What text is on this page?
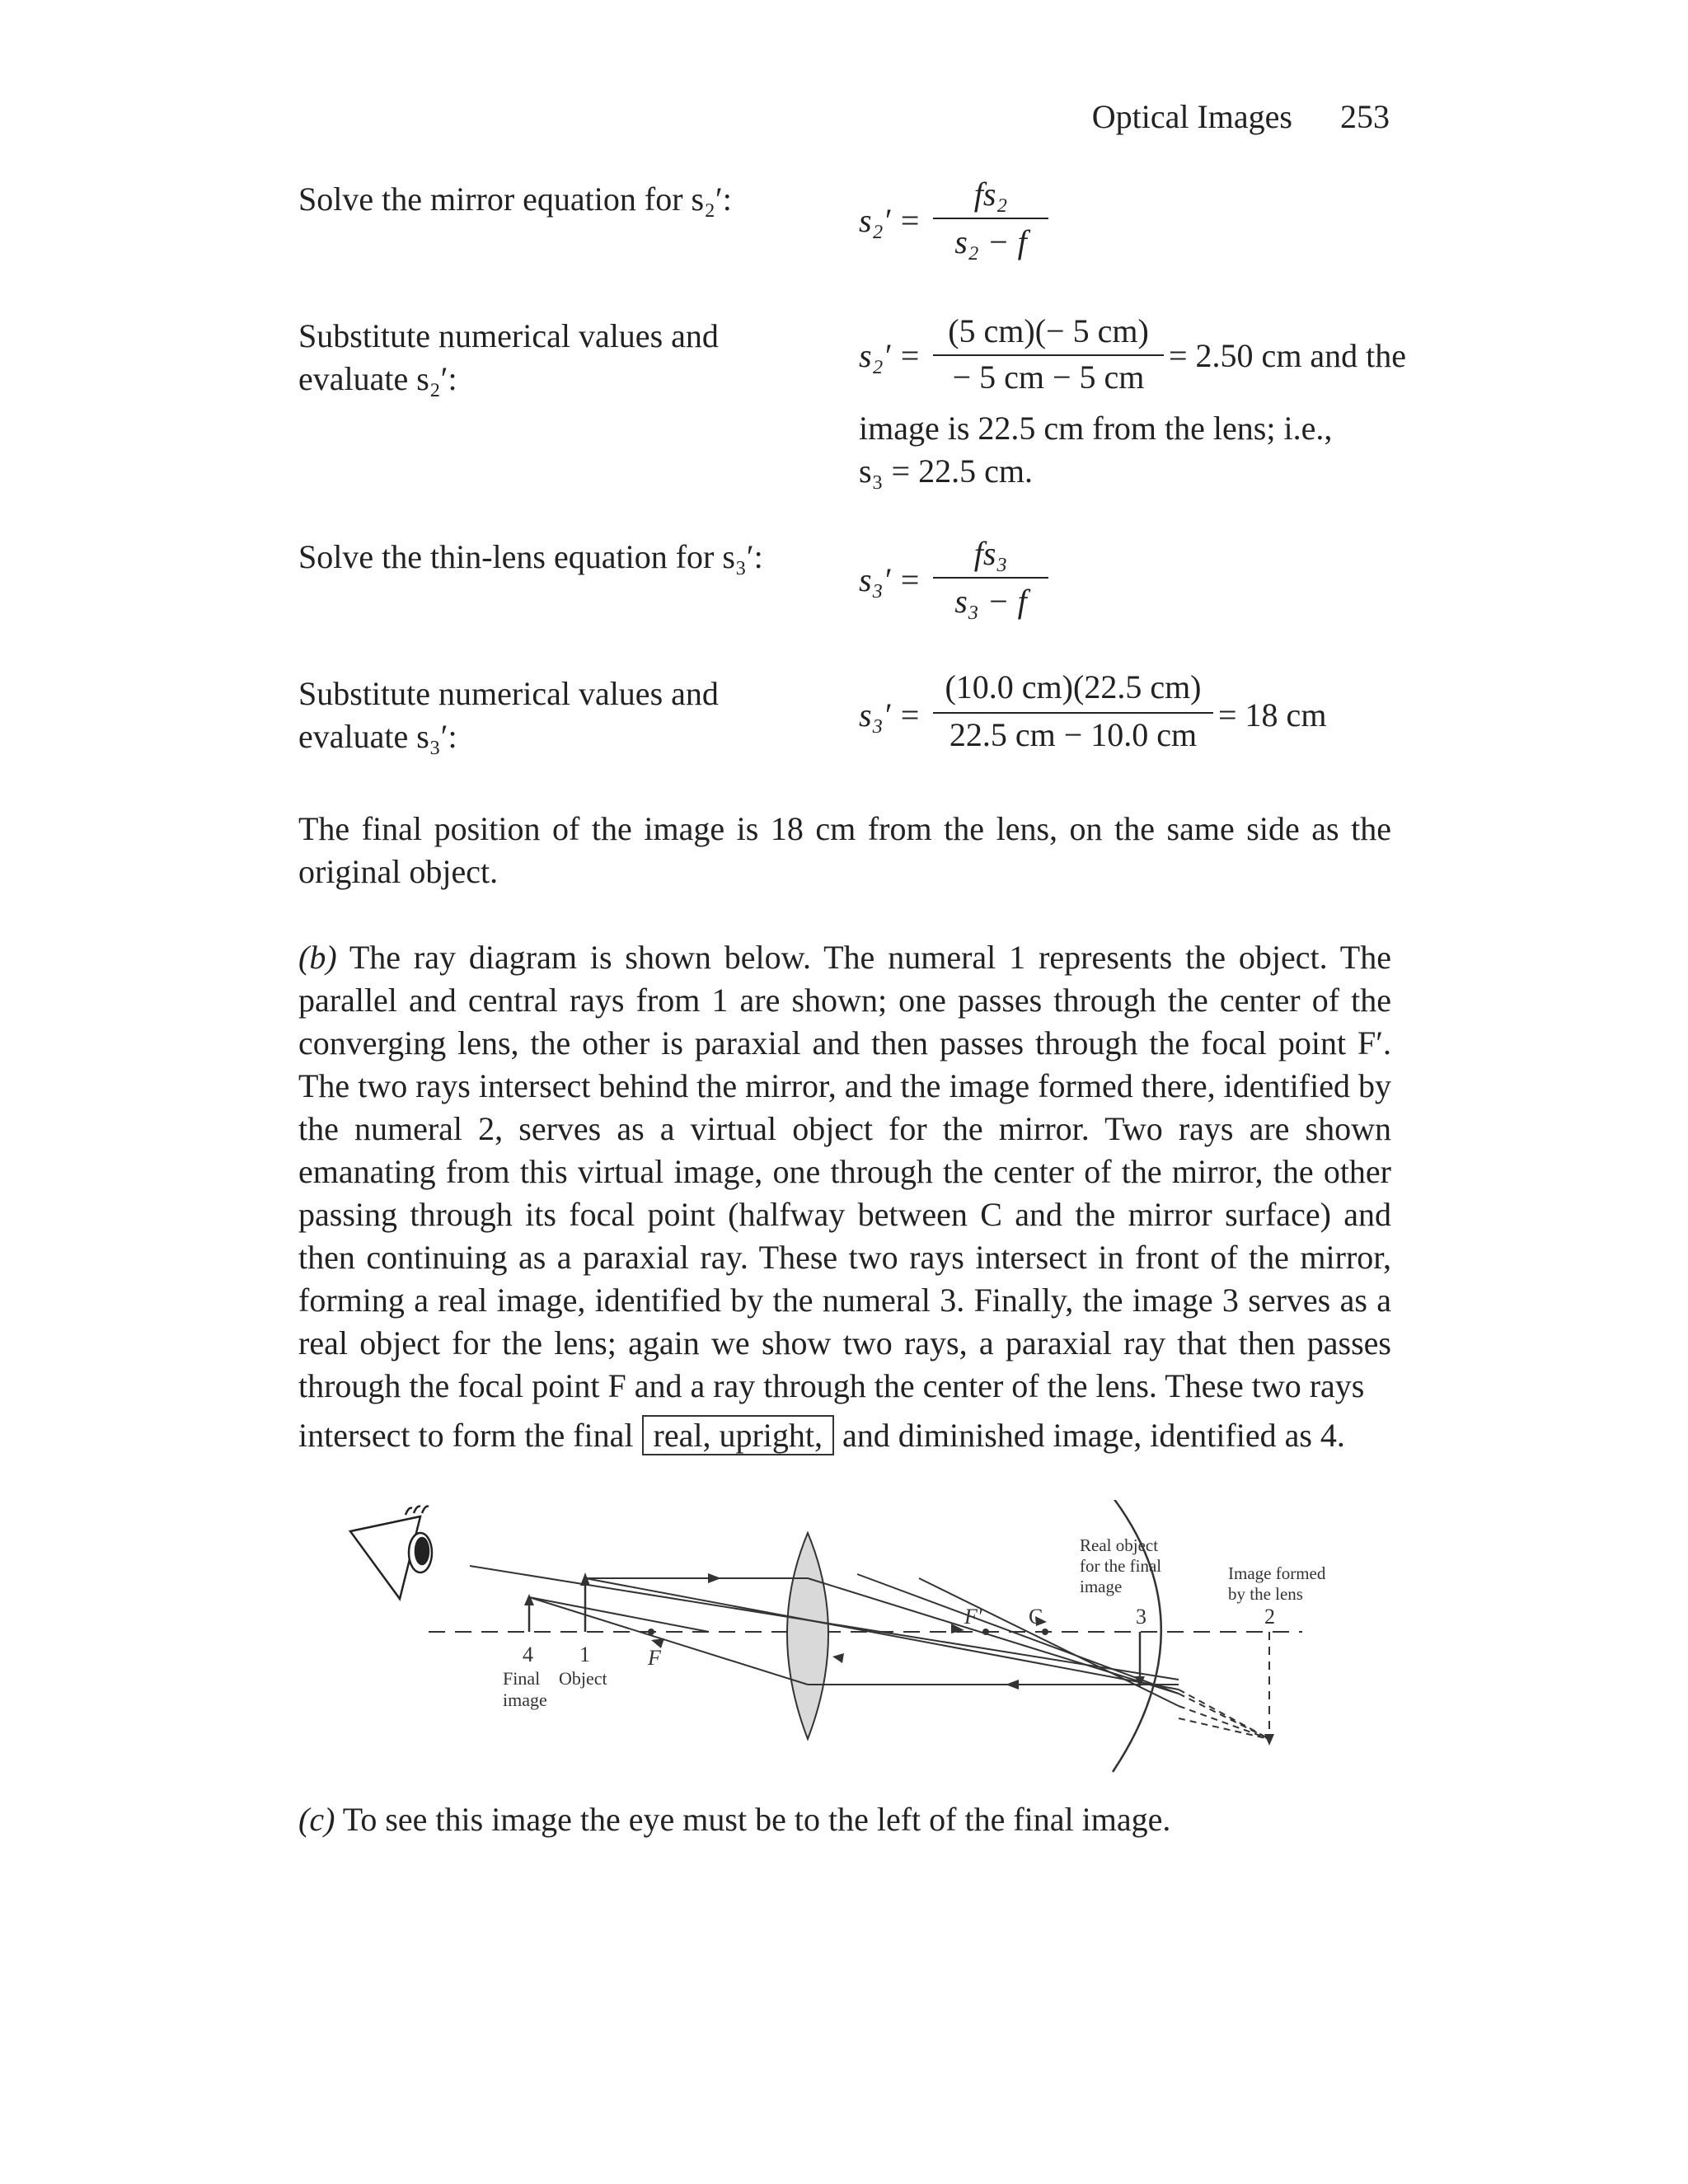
Optical Images 253
Solve the mirror equation for s₂′:
s₂′ =
fs₂
s₂ − f
Substitute numerical values and
evaluate s₂′:
s₂′ =
(5 cm)(− 5 cm)
− 5 cm − 5 cm
= 2.50 cm and the
image is 22.5 cm from the lens; i.e.,
s₃ = 22.5 cm.
Solve the thin-lens equation for s₃′:
s₃′ =
fs₃
s₃ − f
Substitute numerical values and
evaluate s₃′:
s₃′ =
(10.0 cm)(22.5 cm)
22.5 cm − 10.0 cm
= 18 cm
The final position of the image is 18 cm from the lens, on the same side as the original object.
(b) The ray diagram is shown below. The numeral 1 represents the object. The parallel and central rays from 1 are shown; one passes through the center of the converging lens, the other is paraxial and then passes through the focal point F′. The two rays intersect behind the mirror, and the image formed there, identified by the numeral 2, serves as a virtual object for the mirror. Two rays are shown emanating from this virtual image, one through the center of the mirror, the other passing through its focal point (halfway between C and the mirror surface) and then continuing as a paraxial ray. These two rays intersect in front of the mirror, forming a real image, identified by the numeral 3. Finally, the image 3 serves as a real object for the lens; again we show two rays, a paraxial ray that then passes through the focal point F and a ray through the center of the lens. These two rays
intersect to form the final real, upright, and diminished image, identified as 4.
4 1
Final
image
Object
F
F′ C	3	2
Real object
for the final
image
Image formed
by the lens
(c) To see this image the eye must be to the left of the final image.
